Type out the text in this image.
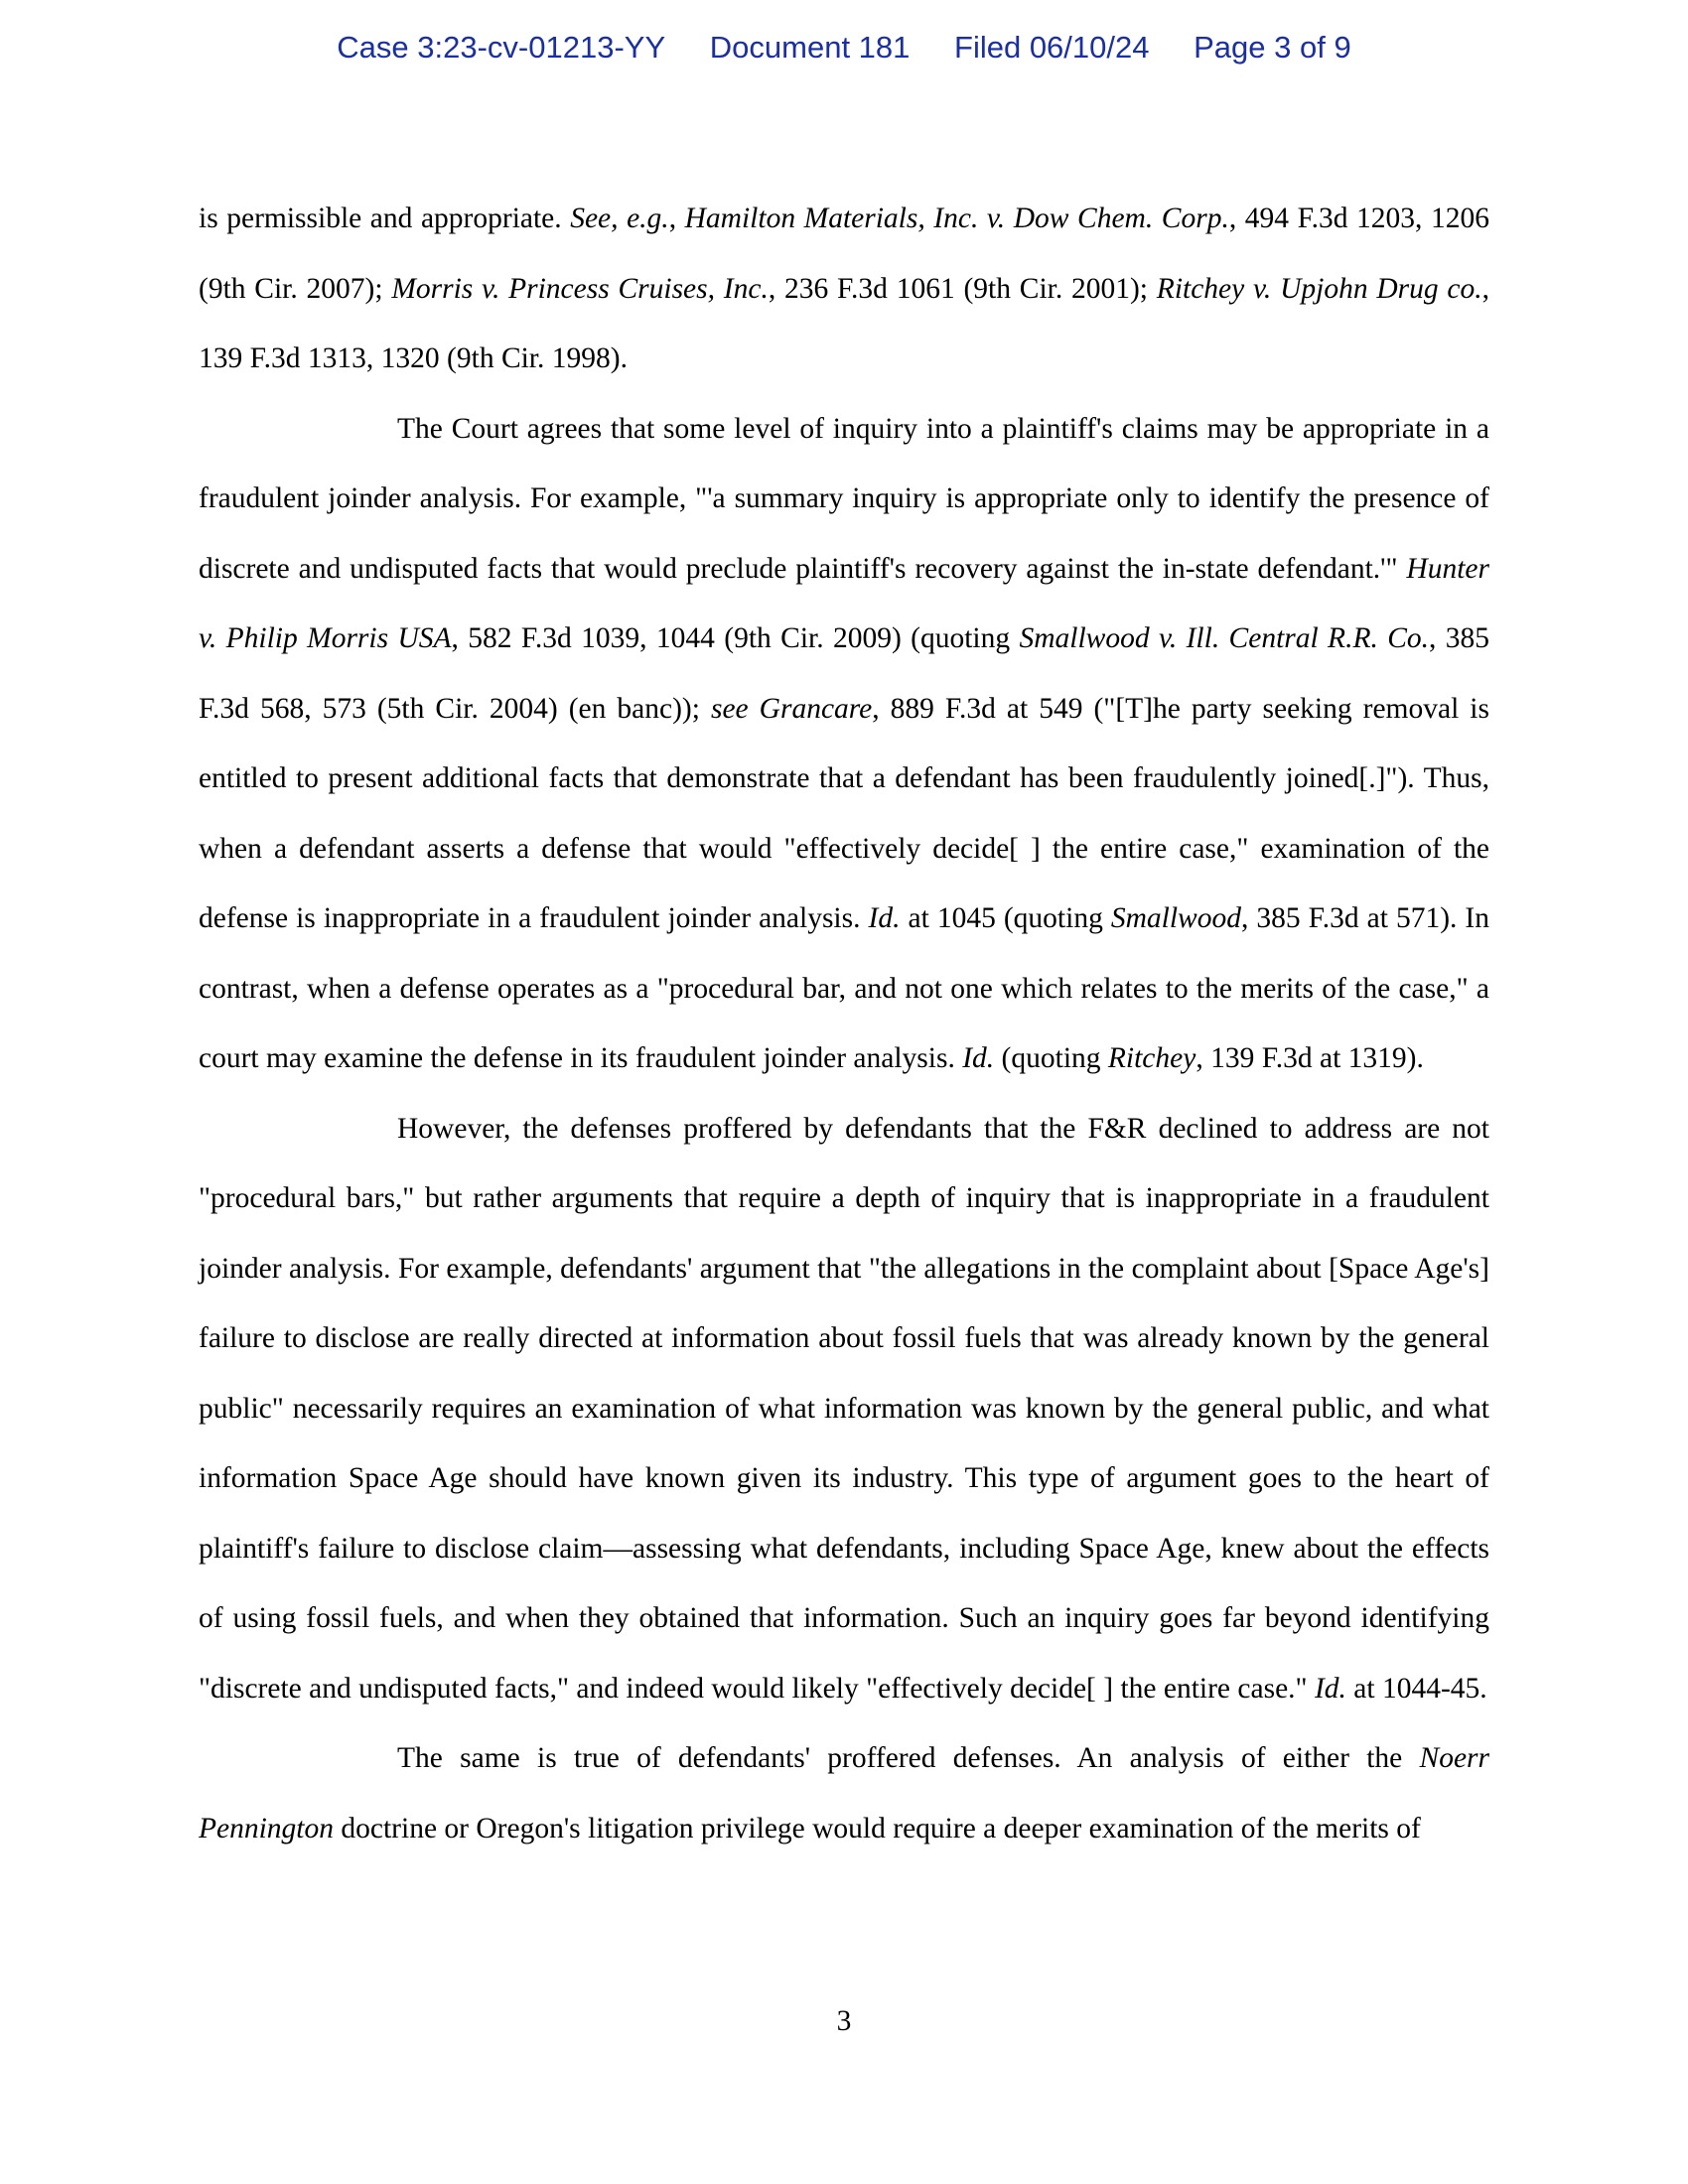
Case 3:23-cv-01213-YY Document 181 Filed 06/10/24 Page 3 of 9

is permissible and appropriate. See, e.g., Hamilton Materials, Inc. v. Dow Chem. Corp., 494 F.3d 1203, 1206 (9th Cir. 2007); Morris v. Princess Cruises, Inc., 236 F.3d 1061 (9th Cir. 2001); Ritchey v. Upjohn Drug co., 139 F.3d 1313, 1320 (9th Cir. 1998).

The Court agrees that some level of inquiry into a plaintiff's claims may be appropriate in a fraudulent joinder analysis. For example, "'a summary inquiry is appropriate only to identify the presence of discrete and undisputed facts that would preclude plaintiff's recovery against the in-state defendant.'" Hunter v. Philip Morris USA, 582 F.3d 1039, 1044 (9th Cir. 2009) (quoting Smallwood v. Ill. Central R.R. Co., 385 F.3d 568, 573 (5th Cir. 2004) (en banc)); see Grancare, 889 F.3d at 549 ("[T]he party seeking removal is entitled to present additional facts that demonstrate that a defendant has been fraudulently joined[.]"). Thus, when a defendant asserts a defense that would "effectively decide[ ] the entire case," examination of the defense is inappropriate in a fraudulent joinder analysis. Id. at 1045 (quoting Smallwood, 385 F.3d at 571). In contrast, when a defense operates as a "procedural bar, and not one which relates to the merits of the case," a court may examine the defense in its fraudulent joinder analysis. Id. (quoting Ritchey, 139 F.3d at 1319).

However, the defenses proffered by defendants that the F&R declined to address are not "procedural bars," but rather arguments that require a depth of inquiry that is inappropriate in a fraudulent joinder analysis. For example, defendants' argument that "the allegations in the complaint about [Space Age's] failure to disclose are really directed at information about fossil fuels that was already known by the general public" necessarily requires an examination of what information was known by the general public, and what information Space Age should have known given its industry. This type of argument goes to the heart of plaintiff's failure to disclose claim—assessing what defendants, including Space Age, knew about the effects of using fossil fuels, and when they obtained that information. Such an inquiry goes far beyond identifying "discrete and undisputed facts," and indeed would likely "effectively decide[ ] the entire case." Id. at 1044-45.

The same is true of defendants' proffered defenses. An analysis of either the Noerr Pennington doctrine or Oregon's litigation privilege would require a deeper examination of the merits of

3
